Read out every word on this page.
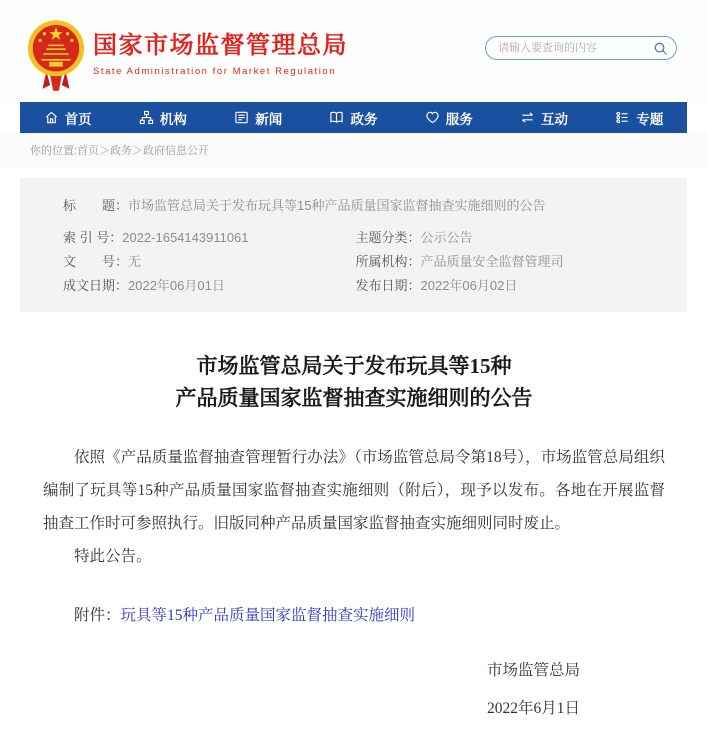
国家市场监督管理总局
State Administration for Market Regulation
请输入要查询的内容
首页	机构	新闻	政务	服务	互动	专题
你的位置:首页＞政务＞政府信息公开
标　　题：市场监管总局关于发布玩具等15种产品质量国家监督抽查实施细则的公告
索 引 号：2022-1654143911061	主题分类：公示公告
文　　号：无	所属机构：产品质量安全监督管理司
成文日期：2022年06月01日	发布日期：2022年06月02日
市场监管总局关于发布玩具等15种
产品质量国家监督抽查实施细则的公告

依照《产品质量监督抽查管理暂行办法》（市场监管总局令第18号），市场监管总局组织编制了玩具等15种产品质量国家监督抽查实施细则（附后），现予以发布。各地在开展监督抽查工作时可参照执行。旧版同种产品质量国家监督抽查实施细则同时废止。

特此公告。

附件：玩具等15种产品质量国家监督抽查实施细则

市场监管总局
2022年6月1日
